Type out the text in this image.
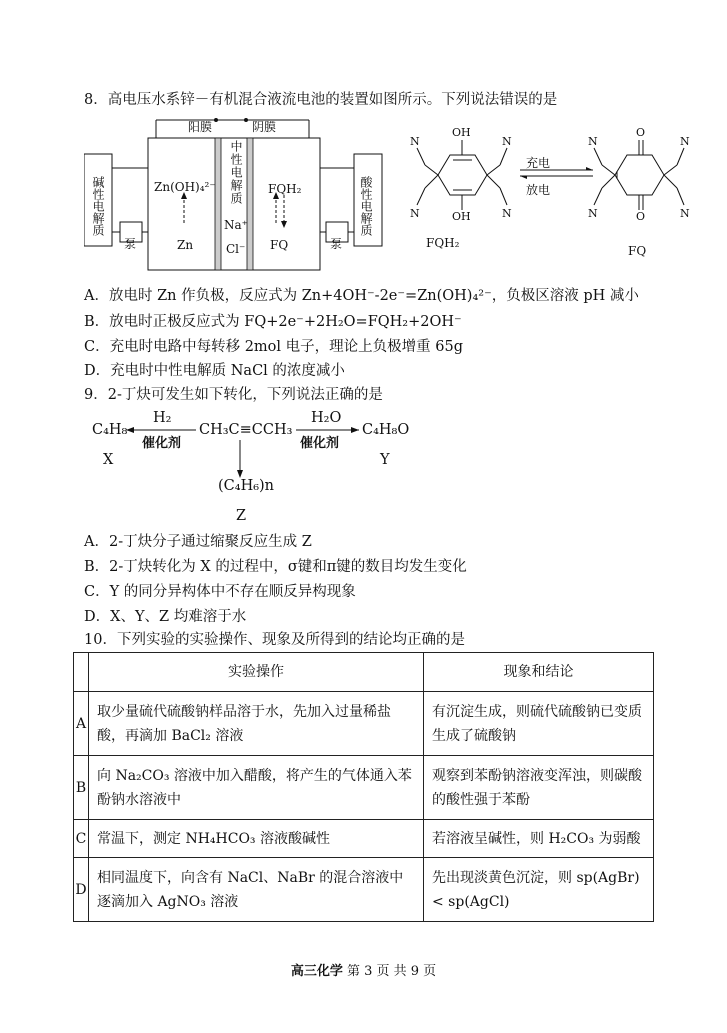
8．高电压水系锌－有机混合液流电池的装置如图所示。下列说法错误的是
阳膜	阴膜
中性电解质
Na⁺
Cl⁻
碱性电解质	酸性电解质
泵	泵
Zn(OH)₄²⁻
Zn
FQH₂
FQ
OH
OH
O
O
N	N
N	N
N	N
N	N
充电
放电
FQH₂
FQ
A．放电时 Zn 作负极，反应式为 Zn+4OH⁻-2e⁻=Zn(OH)₄²⁻，负极区溶液 pH 减小
B．放电时正极反应式为 FQ+2e⁻+2H₂O=FQH₂+2OH⁻
C．充电时电路中每转移 2mol 电子，理论上负极增重 65g
D．充电时中性电解质 NaCl 的浓度减小
9．2-丁炔可发生如下转化，下列说法正确的是
C₄H₈
X
H₂
催化剂
CH₃C≡CCH₃
H₂O
催化剂
C₄H₈O
Y
(C₄H₆)n
Z
A．2-丁炔分子通过缩聚反应生成 Z
B．2-丁炔转化为 X 的过程中，σ键和π键的数目均发生变化
C．Y 的同分异构体中不存在顺反异构现象
D．X、Y、Z 均难溶于水
10．下列实验的实验操作、现象及所得到的结论均正确的是
	实验操作	现象和结论
A	取少量硫代硫酸钠样品溶于水，先加入过量稀盐酸，再滴加 BaCl₂ 溶液	有沉淀生成，则硫代硫酸钠已变质生成了硫酸钠
B	向 Na₂CO₃ 溶液中加入醋酸，将产生的气体通入苯酚钠水溶液中	观察到苯酚钠溶液变浑浊，则碳酸的酸性强于苯酚
C	常温下，测定 NH₄HCO₃ 溶液酸碱性	若溶液呈碱性，则 H₂CO₃ 为弱酸
D	相同温度下，向含有 NaCl、NaBr 的混合溶液中逐滴加入 AgNO₃ 溶液	先出现淡黄色沉淀，则 sp(AgBr)< sp(AgCl)
高三化学 第 3 页 共 9 页
